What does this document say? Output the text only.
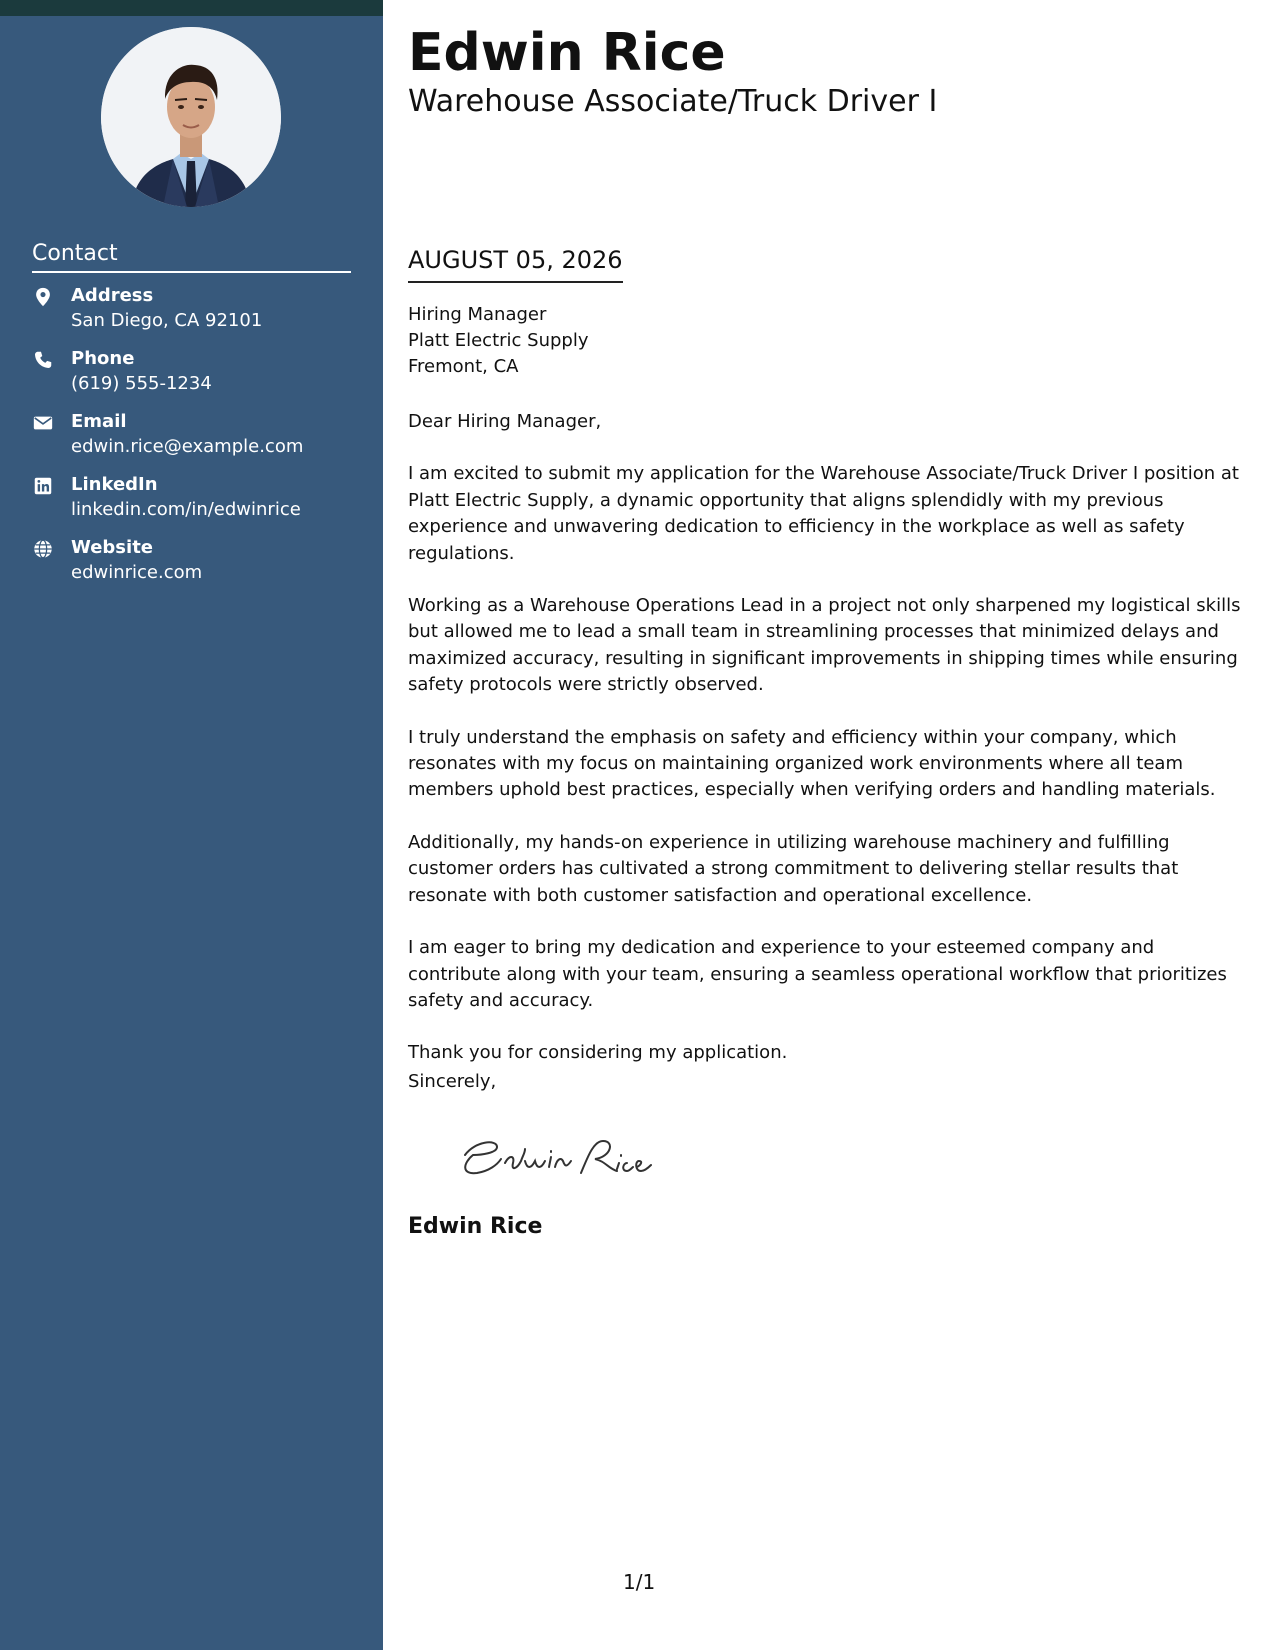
Contact
Address
San Diego, CA 92101
Phone
(619) 555-1234
Email
edwin.rice@example.com
LinkedIn
linkedin.com/in/edwinrice
Website
edwinrice.com
Edwin Rice
Warehouse Associate/Truck Driver I
AUGUST 05, 2026
Hiring Manager
Platt Electric Supply
Fremont, CA

Dear Hiring Manager,

I am excited to submit my application for the Warehouse Associate/Truck Driver I position at Platt Electric Supply, a dynamic opportunity that aligns splendidly with my previous experience and unwavering dedication to efficiency in the workplace as well as safety regulations.

Working as a Warehouse Operations Lead in a project not only sharpened my logistical skills but allowed me to lead a small team in streamlining processes that minimized delays and maximized accuracy, resulting in significant improvements in shipping times while ensuring safety protocols were strictly observed.

I truly understand the emphasis on safety and efficiency within your company, which resonates with my focus on maintaining organized work environments where all team members uphold best practices, especially when verifying orders and handling materials.

Additionally, my hands-on experience in utilizing warehouse machinery and fulfilling customer orders has cultivated a strong commitment to delivering stellar results that resonate with both customer satisfaction and operational excellence.

I am eager to bring my dedication and experience to your esteemed company and contribute along with your team, ensuring a seamless operational workflow that prioritizes safety and accuracy.

Thank you for considering my application.

Sincerely,
Edwin Rice
1/1
